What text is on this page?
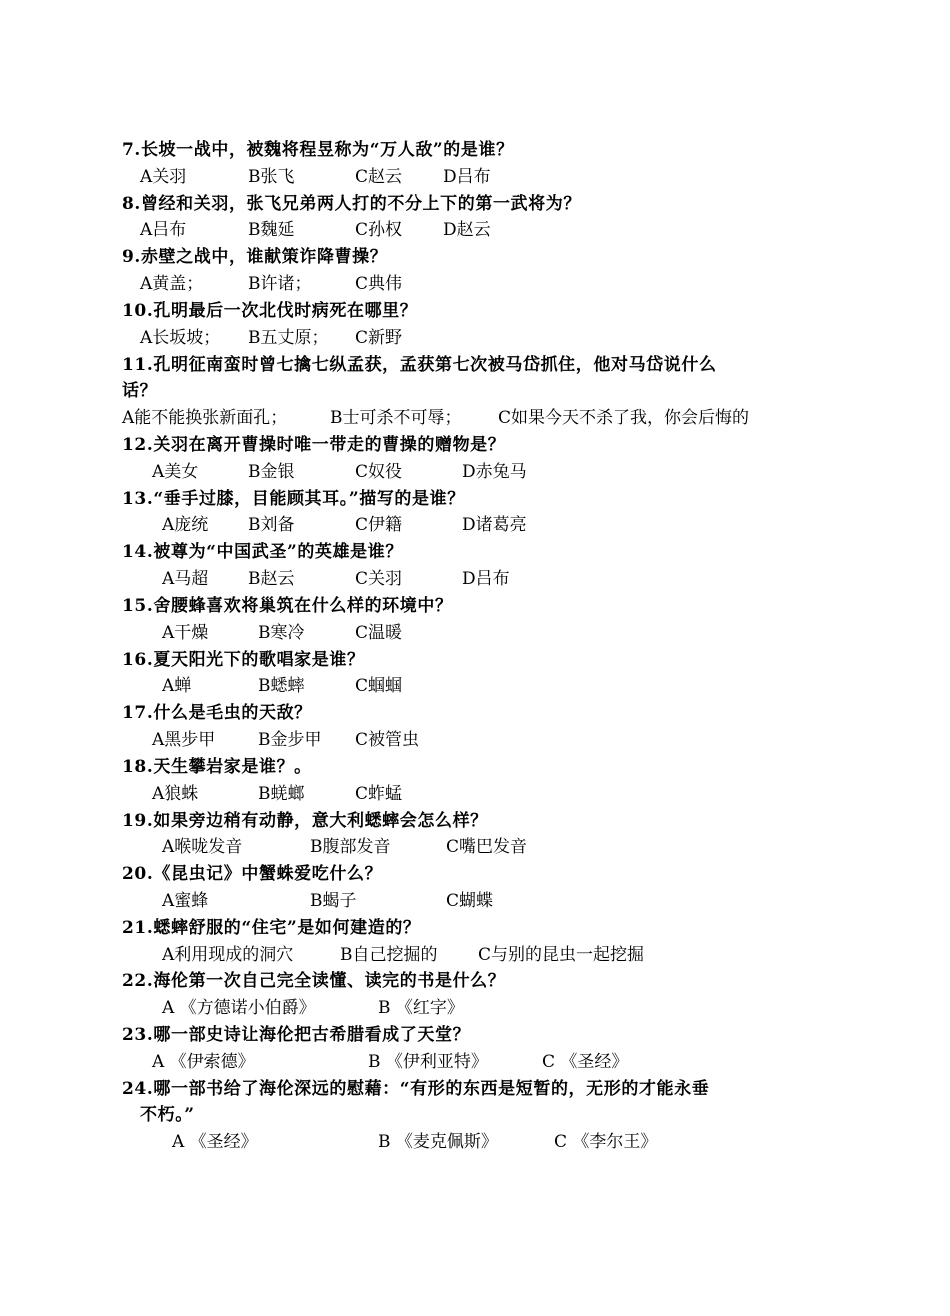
7.长坡一战中，被魏将程昱称为“万人敌”的是谁？
A关羽	B张飞	C赵云 D吕布
8.曾经和关羽，张飞兄弟两人打的不分上下的第一武将为？
A吕布	B魏延	C孙权 D赵云
9.赤壁之战中，谁献策诈降曹操？
A黄盖；	B许诸；	C典伟
10.孔明最后一次北伐时病死在哪里？
A长坂坡； B五丈原； C新野
11.孔明征南蛮时曾七擒七纵孟获，孟获第七次被马岱抓住，他对马岱说什么
话？
A能不能换张新面孔；	B士可杀不可辱； C如果今天不杀了我，你会后悔的
12.关羽在离开曹操时唯一带走的曹操的赠物是？
A美女	B金银	C奴役	D赤兔马
13.“垂手过膝，目能顾其耳。”描写的是谁？
A庞统 B刘备	C伊籍	D诸葛亮
14.被尊为“中国武圣”的英雄是谁？
A马超 B赵云	C关羽	D吕布
15.舍腰蜂喜欢将巢筑在什么样的环境中？
A干燥	B寒冷	C温暖
16.夏天阳光下的歌唱家是谁？
A蝉	B蟋蟀	C蝈蝈
17.什么是毛虫的天敌？
A黑步甲	B金步甲 C被管虫
18.天生攀岩家是谁？。
A狼蛛	B蜣螂	C蚱蜢
19.如果旁边稍有动静，意大利蟋蟀会怎么样？
A喉咙发音	B腹部发音	C嘴巴发音
20.《昆虫记》中蟹蛛爱吃什么？
A蜜蜂	B蝎子	C蝴蝶
21.蟋蟀舒服的“住宅”是如何建造的？
A利用现成的洞穴	B自己挖掘的 C与别的昆虫一起挖掘
22.海伦第一次自己完全读懂、读完的书是什么？
A 《方德诺小伯爵》	B 《红字》
23.哪一部史诗让海伦把古希腊看成了天堂？
A 《伊索德》	B 《伊利亚特》	C 《圣经》
24.哪一部书给了海伦深远的慰藉：“有形的东西是短暂的，无形的才能永垂
不朽。”
A 《圣经》	B 《麦克佩斯》	C 《李尔王》
